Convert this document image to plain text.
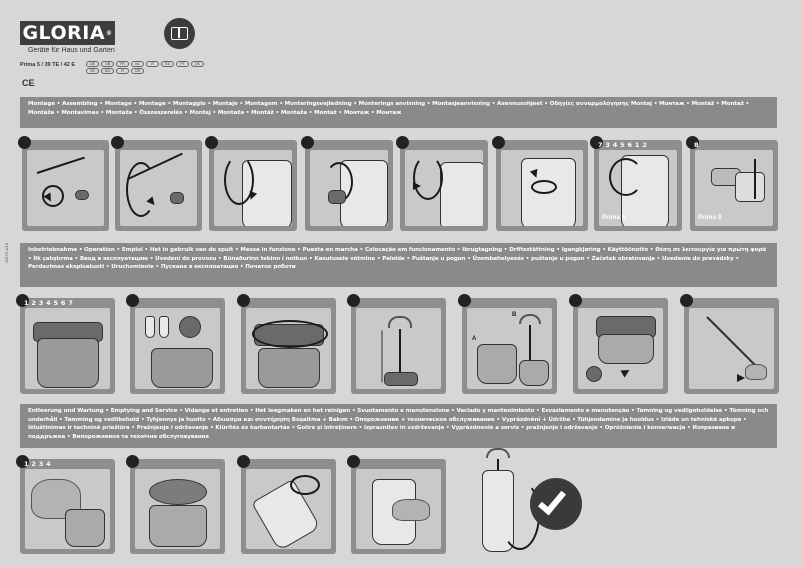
GLORIA ®
Geräte für Haus und Garten
Prima 5 / 39 TE / 42 E	DE	GB	FR	NL	IT	ES	PT	DK
SE	NO	FI	GR
CE
1167S.2/10
Montage • Assembling • Montage • Montage • Montaggio • Montaje • Montagem • Monteringsvejledning • Monterings anvisning • Montasjeanvisning • Asennusohjeet • Οδηγίες συναρμολόγησης Montaj • Монтаж • Montáž • Montaž • Montáža • Montavimas • Montaža • Összeszerelés • Montaj • Montaža • Montáž • Montaža • Montaż • Монтаж • Монтаж
7 3 4 5 6 1 2
Prima 5
8
Prima 8
Inbetriebnahme • Operation • Emploi • Het in gebruik van de spuit • Messa in funzione • Puesta en marcha • Colocação em funcionamento • Ibrugtagning • Driftsstättning • Igangkjøring • Käyttöönotto • Θέση σε λειτουργία για πρώτη φορά • İlk çalıştırma • Ввод в эксплуатацию • Uvedení do provozu • Bünaðurinn tekinn í notkun • Kasutusele võtmine • Paleide • Puštanje u pogon • Üzembehelyezés • puštanje u pogon • Začetek obratovanja • Uvedenie do prevádzky • Perdavimas eksploatuoti • Uruchomienie • Пускане в експлоатация • Початок роботи
1 2 3 4 5 6 7
B
A
Entleerung und Wartung • Emptying and Service • Vidange et entretien • Het leegmaken en het reinigen • Svuotamento e manutenzione • Vaciado y mantenimiento • Esvaziamento e manutenção • Tømning og vedligeholdelse • Tömning och underhåll • Tømming og vedlikehold • Tyhjennys ja huolto • Αδειασμα και συντήρηση Boşaltma + Bakım • Опорожнение + техническое обслуживание • Vyprázdnění + Údržba • Tühjendamine ja hooldus • Izlāde un tehniskā apkope • Ištuštinimas ir techninė priežiūra • Pražnjenje i održavanje • Kiürítés és karbantartás • Golire şi întreţinere • Izpraznitev in vzdrževanje • Vyprázdnenie a servis • pražnjenje i održavanje • Opróżnienie i konserwacja • Изпразване и поддръжка • Випорожнення та технічне обслуговування
1 2 3 4
